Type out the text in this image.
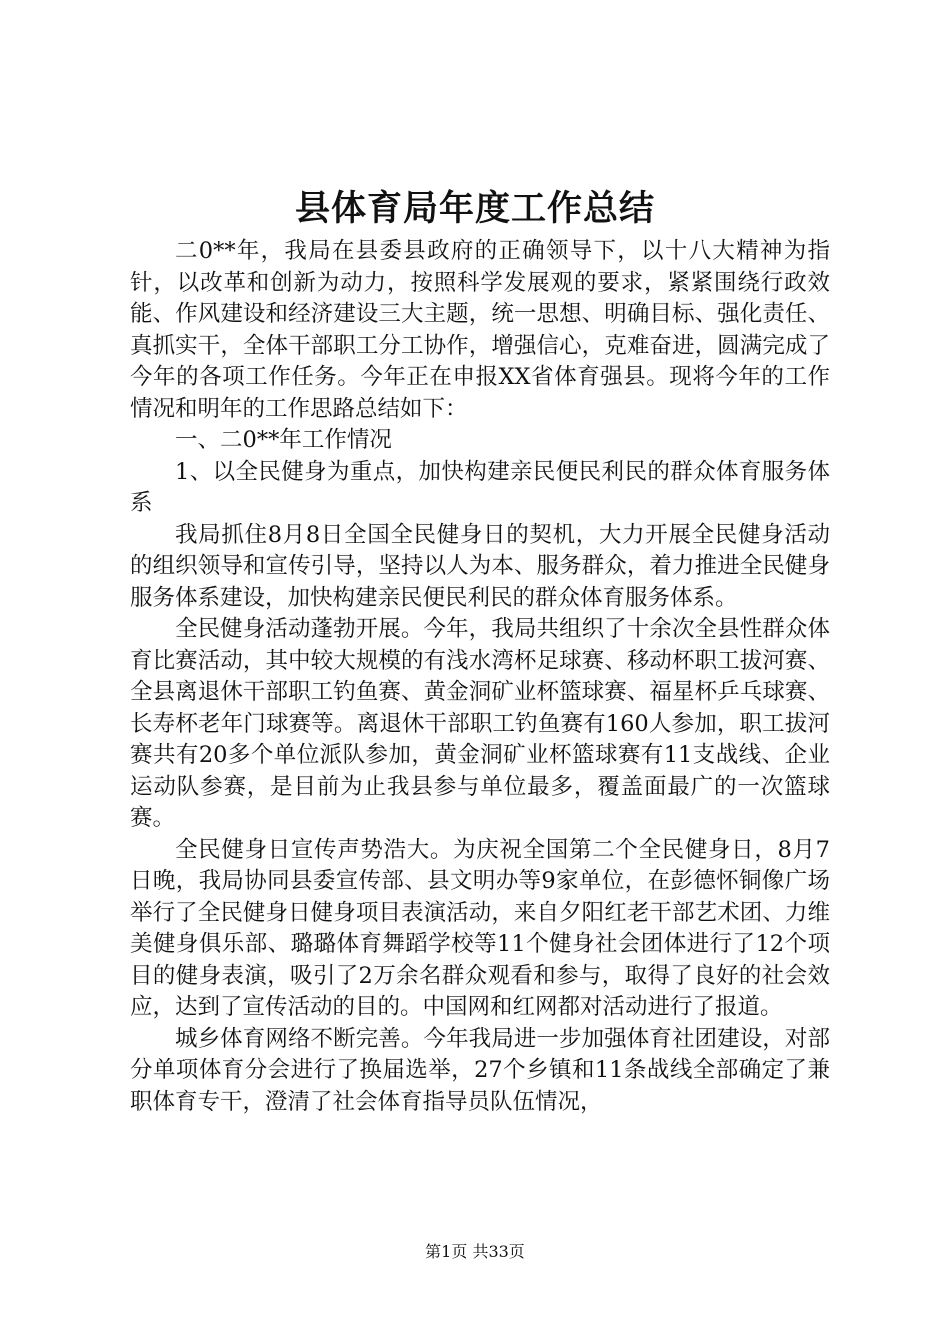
县体育局年度工作总结

二0**年，我局在县委县政府的正确领导下，以十八大精神为指针，以改革和创新为动力，按照科学发展观的要求，紧紧围绕行政效能、作风建设和经济建设三大主题，统一思想、明确目标、强化责任、真抓实干，全体干部职工分工协作，增强信心，克难奋进，圆满完成了今年的各项工作任务。今年正在申报XX省体育强县。现将今年的工作情况和明年的工作思路总结如下：

一、二0**年工作情况

1、以全民健身为重点，加快构建亲民便民利民的群众体育服务体系

我局抓住8月8日全国全民健身日的契机，大力开展全民健身活动的组织领导和宣传引导，坚持以人为本、服务群众，着力推进全民健身服务体系建设，加快构建亲民便民利民的群众体育服务体系。

全民健身活动蓬勃开展。今年，我局共组织了十余次全县性群众体育比赛活动，其中较大规模的有浅水湾杯足球赛、移动杯职工拔河赛、全县离退休干部职工钓鱼赛、黄金洞矿业杯篮球赛、福星杯乒乓球赛、长寿杯老年门球赛等。离退休干部职工钓鱼赛有160人参加，职工拔河赛共有20多个单位派队参加，黄金洞矿业杯篮球赛有11支战线、企业运动队参赛，是目前为止我县参与单位最多，覆盖面最广的一次篮球赛。

全民健身日宣传声势浩大。为庆祝全国第二个全民健身日，8月7日晚，我局协同县委宣传部、县文明办等9家单位，在彭德怀铜像广场举行了全民健身日健身项目表演活动，来自夕阳红老干部艺术团、力维美健身俱乐部、璐璐体育舞蹈学校等11个健身社会团体进行了12个项目的健身表演，吸引了2万余名群众观看和参与，取得了良好的社会效应，达到了宣传活动的目的。中国网和红网都对活动进行了报道。

城乡体育网络不断完善。今年我局进一步加强体育社团建设，对部分单项体育分会进行了换届选举，27个乡镇和11条战线全部确定了兼职体育专干，澄清了社会体育指导员队伍情况，

第1页 共33页
